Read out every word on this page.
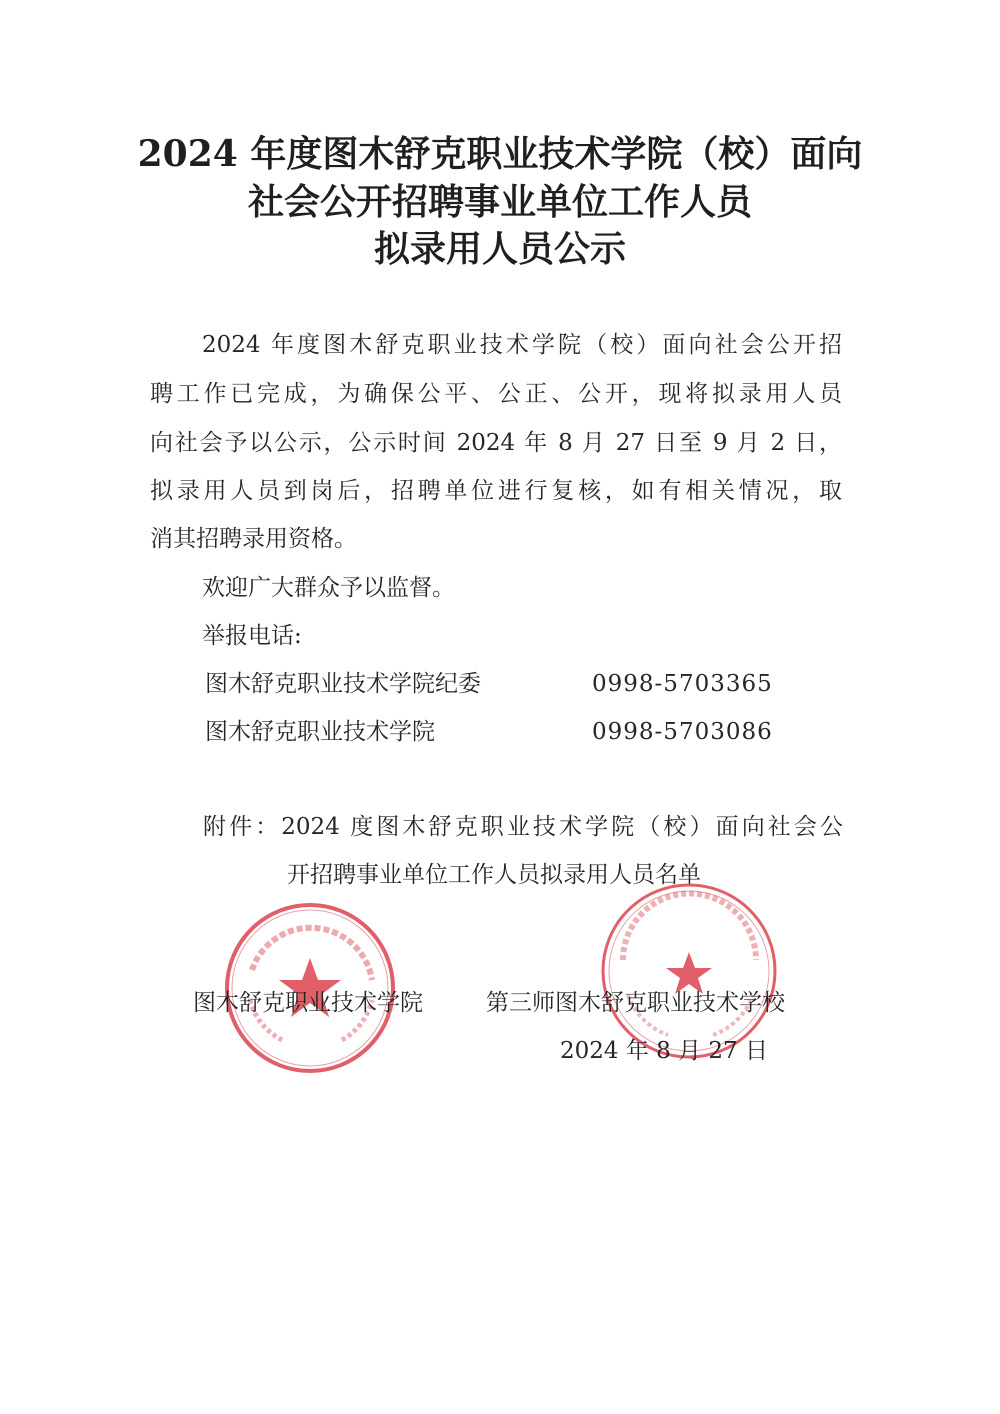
2024 年度图木舒克职业技术学院（校）面向
社会公开招聘事业单位工作人员
拟录用人员公示
2024 年度图木舒克职业技术学院（校）面向社会公开招
聘工作已完成，为确保公平、公正、公开，现将拟录用人员
向社会予以公示，公示时间 2024 年 8 月 27 日至 9 月 2 日，
拟录用人员到岗后，招聘单位进行复核，如有相关情况，取
消其招聘录用资格。
欢迎广大群众予以监督。
举报电话:
图木舒克职业技术学院纪委	0998-5703365
图木舒克职业技术学院	0998-5703086
附件：2024 度图木舒克职业技术学院（校）面向社会公
开招聘事业单位工作人员拟录用人员名单
图木舒克职业技术学院	第三师图木舒克职业技术学校
2024 年 8 月 27 日
